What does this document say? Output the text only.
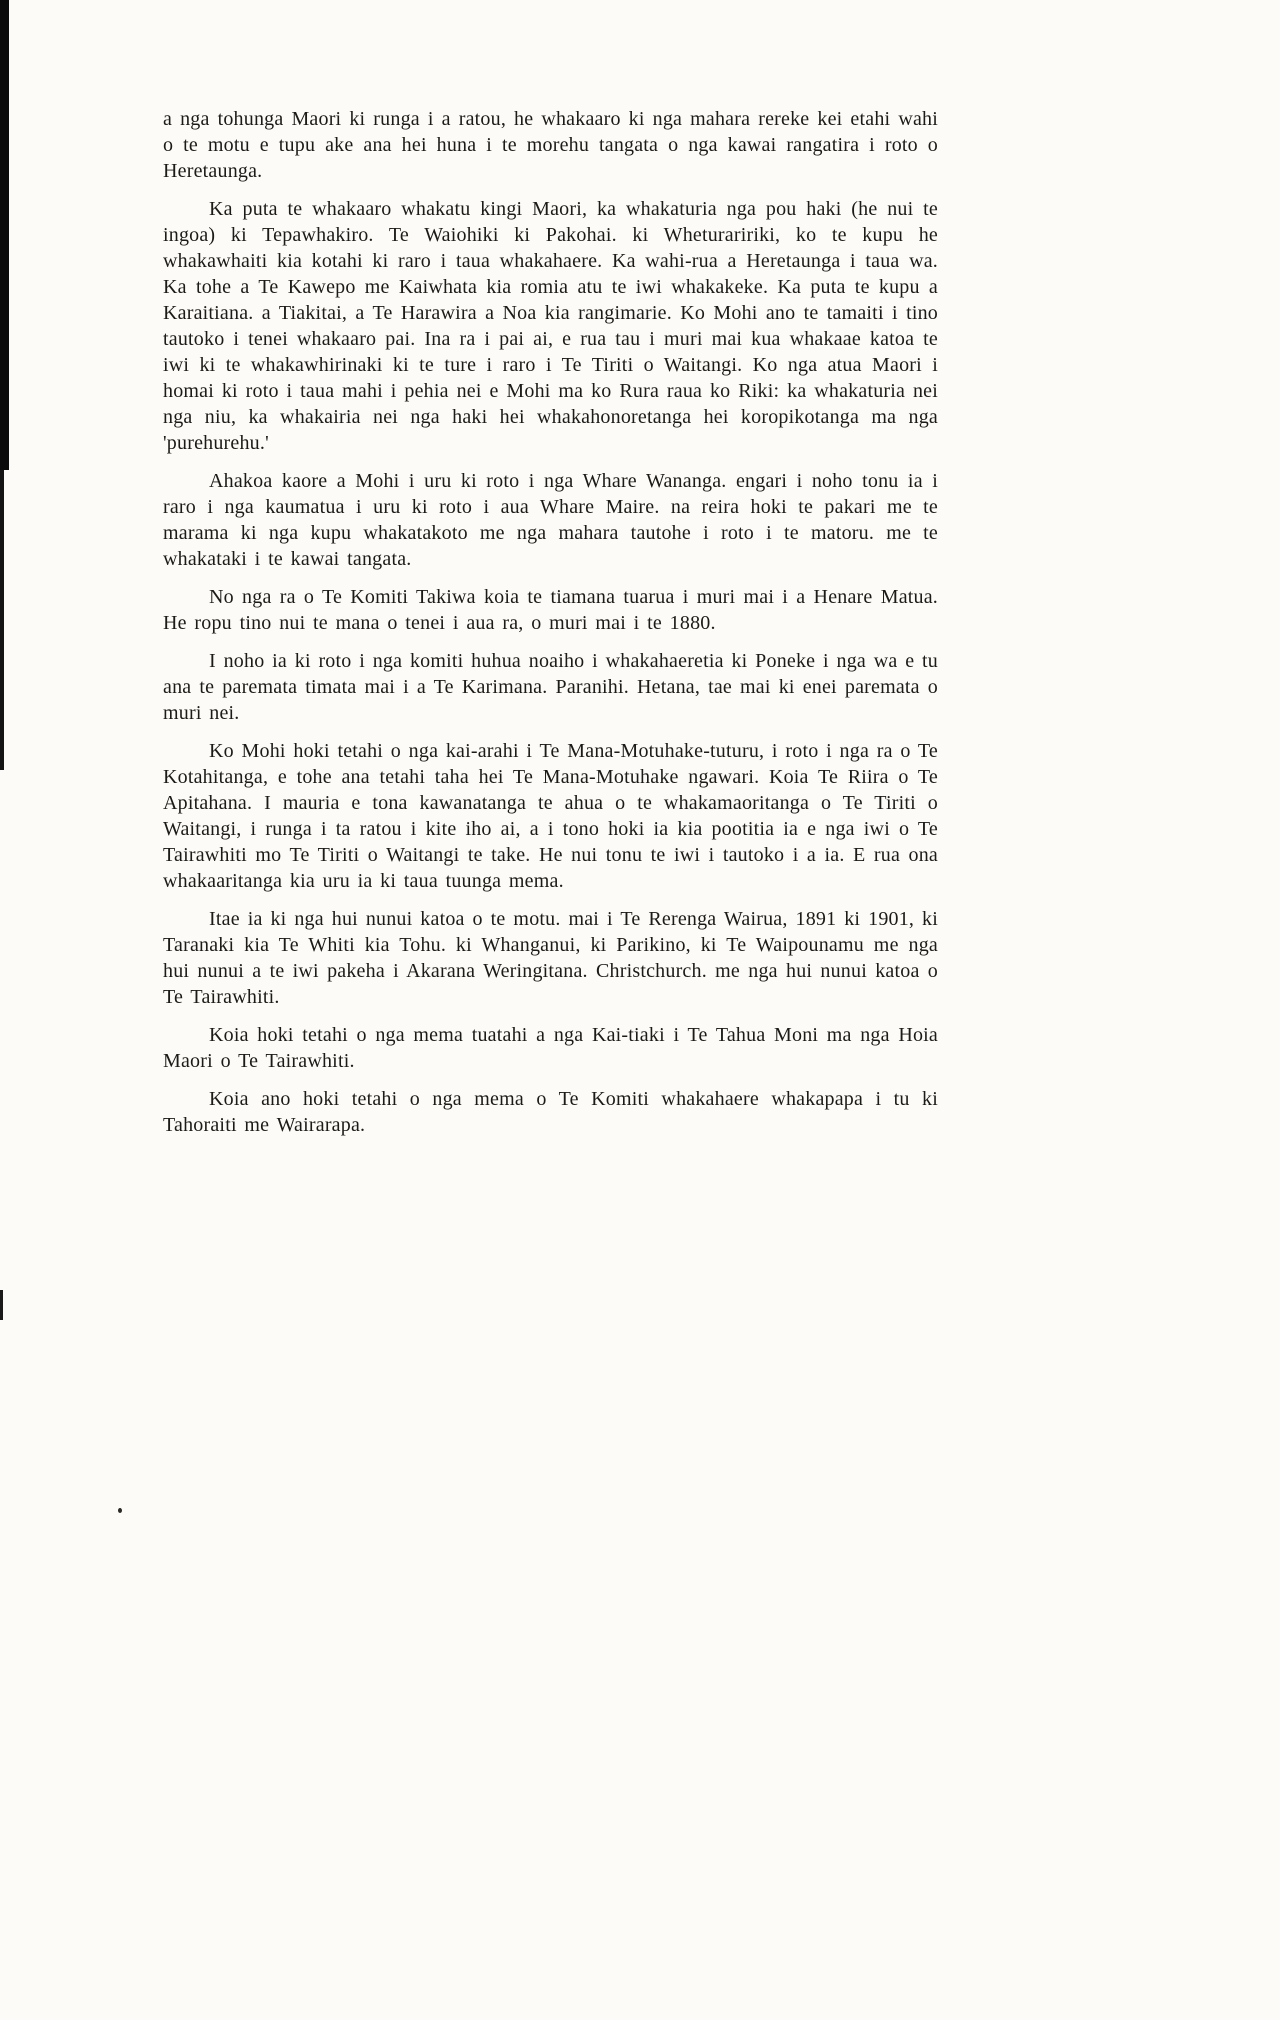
a nga tohunga Maori ki runga i a ratou, he whakaaro ki nga mahara rereke kei etahi wahi o te motu e tupu ake ana hei huna i te morehu tangata o nga kawai rangatira i roto o Heretaunga.

Ka puta te whakaaro whakatu kingi Maori, ka whakaturia nga pou haki (he nui te ingoa) ki Tepawhakiro. Te Waiohiki ki Pakohai. ki Wheturaririki, ko te kupu he whakawhaiti kia kotahi ki raro i taua whakahaere. Ka wahi-rua a Heretaunga i taua wa. Ka tohe a Te Kawepo me Kaiwhata kia romia atu te iwi whakakeke. Ka puta te kupu a Karaitiana. a Tiakitai, a Te Harawira a Noa kia rangimarie. Ko Mohi ano te tamaiti i tino tautoko i tenei whakaaro pai. Ina ra i pai ai, e rua tau i muri mai kua whakaae katoa te iwi ki te whakawhirinaki ki te ture i raro i Te Tiriti o Waitangi. Ko nga atua Maori i homai ki roto i taua mahi i pehia nei e Mohi ma ko Rura raua ko Riki: ka whakaturia nei nga niu, ka whakairia nei nga haki hei whakahonoretanga hei koropikotanga ma nga 'purehurehu.'

Ahakoa kaore a Mohi i uru ki roto i nga Whare Wananga. engari i noho tonu ia i raro i nga kaumatua i uru ki roto i aua Whare Maire. na reira hoki te pakari me te marama ki nga kupu whakatakoto me nga mahara tautohe i roto i te matoru. me te whakataki i te kawai tangata.

No nga ra o Te Komiti Takiwa koia te tiamana tuarua i muri mai i a Henare Matua. He ropu tino nui te mana o tenei i aua ra, o muri mai i te 1880.

I noho ia ki roto i nga komiti huhua noaiho i whakahaeretia ki Poneke i nga wa e tu ana te paremata timata mai i a Te Karimana. Paranihi. Hetana, tae mai ki enei paremata o muri nei.

Ko Mohi hoki tetahi o nga kai-arahi i Te Mana-Motuhake-tuturu, i roto i nga ra o Te Kotahitanga, e tohe ana tetahi taha hei Te Mana-Motuhake ngawari. Koia Te Riira o Te Apitahana. I mauria e tona kawanatanga te ahua o te whakamaoritanga o Te Tiriti o Waitangi, i runga i ta ratou i kite iho ai, a i tono hoki ia kia pootitia ia e nga iwi o Te Tairawhiti mo Te Tiriti o Waitangi te take. He nui tonu te iwi i tautoko i a ia. E rua ona whakaaritanga kia uru ia ki taua tuunga mema.

Itae ia ki nga hui nunui katoa o te motu. mai i Te Rerenga Wairua, 1891 ki 1901, ki Taranaki kia Te Whiti kia Tohu. ki Whanganui, ki Parikino, ki Te Waipounamu me nga hui nunui a te iwi pakeha i Akarana Weringitana. Christchurch. me nga hui nunui katoa o Te Tairawhiti.

Koia hoki tetahi o nga mema tuatahi a nga Kai-tiaki i Te Tahua Moni ma nga Hoia Maori o Te Tairawhiti.

Koia ano hoki tetahi o nga mema o Te Komiti whakahaere whakapapa i tu ki Tahoraiti me Wairarapa.
